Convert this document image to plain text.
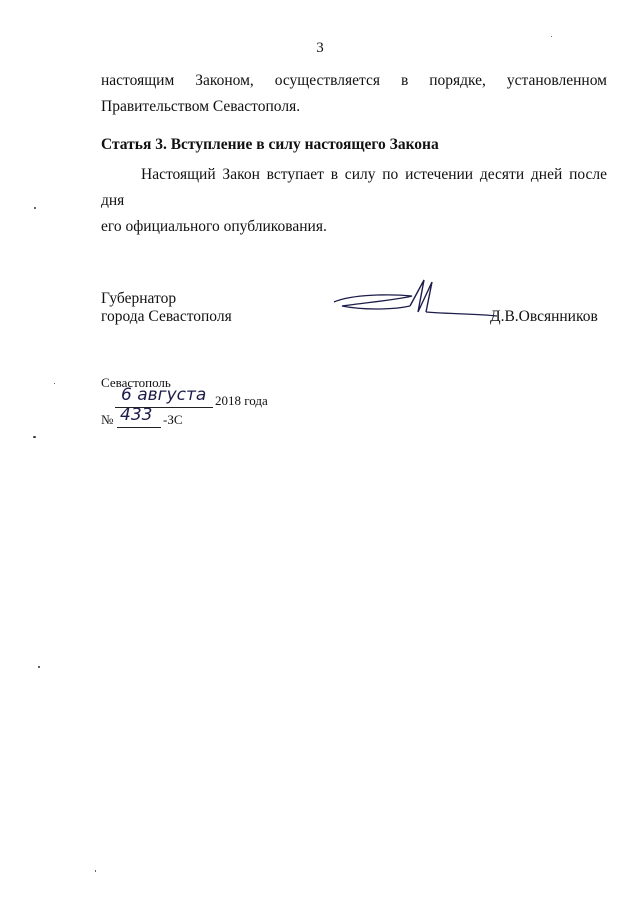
3
настоящим Законом, осуществляется в порядке, установленном
Правительством Севастополя.
Статья 3. Вступление в силу настоящего Закона
Настоящий Закон вступает в силу по истечении десяти дней после дня
его официального опубликования.
Губернатор
города Севастополя	Д.В.Овсянников
Севастополь
6 августа 2018 года
№ 433 -ЗС
